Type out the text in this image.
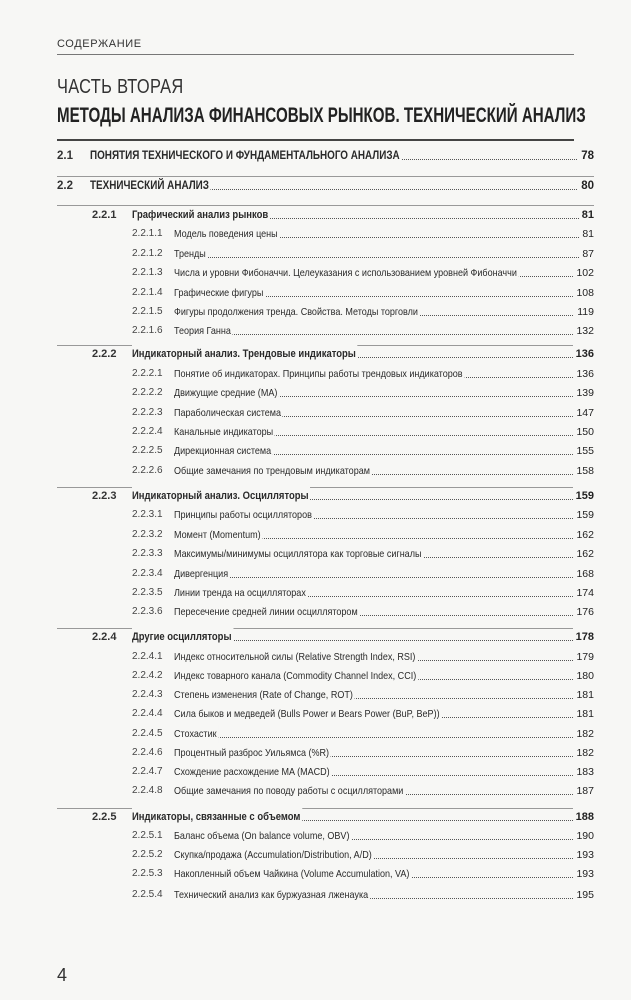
СОДЕРЖАНИЕ
ЧАСТЬ ВТОРАЯ
МЕТОДЫ АНАЛИЗА ФИНАНСОВЫХ РЫНКОВ. ТЕХНИЧЕСКИЙ АНАЛИЗ
2.1 ПОНЯТИЯ ТЕХНИЧЕСКОГО И ФУНДАМЕНТАЛЬНОГО АНАЛИЗА	78
2.2 ТЕХНИЧЕСКИЙ АНАЛИЗ	80
2.2.1 Графический анализ рынков	81
2.2.1.1 Модель поведения цены	81
2.2.1.2 Тренды	87
2.2.1.3 Числа и уровни Фибоначчи. Целеуказания с использованием уровней Фибоначчи	102
2.2.1.4 Графические фигуры	108
2.2.1.5 Фигуры продолжения тренда. Свойства. Методы торговли	119
2.2.1.6 Теория Ганна	132
2.2.2 Индикаторный анализ. Трендовые индикаторы	136
2.2.2.1 Понятие об индикаторах. Принципы работы трендовых индикаторов	136
2.2.2.2 Движущие средние (MA)	139
2.2.2.3 Параболическая система	147
2.2.2.4 Канальные индикаторы	150
2.2.2.5 Дирекционная система	155
2.2.2.6 Общие замечания по трендовым индикаторам	158
2.2.3 Индикаторный анализ. Осцилляторы	159
2.2.3.1 Принципы работы осцилляторов	159
2.2.3.2 Момент (Momentum)	162
2.2.3.3 Максимумы/минимумы осциллятора как торговые сигналы	162
2.2.3.4 Дивергенция	168
2.2.3.5 Линии тренда на осцилляторах	174
2.2.3.6 Пересечение средней линии осциллятором	176
2.2.4 Другие осцилляторы	178
2.2.4.1 Индекс относительной силы (Relative Strength Index, RSI)	179
2.2.4.2 Индекс товарного канала (Commodity Channel Index, CCI)	180
2.2.4.3 Степень изменения (Rate of Change, ROT)	181
2.2.4.4 Сила быков и медведей (Bulls Power и Bears Power (BuP, BeP))	181
2.2.4.5 Стохастик	182
2.2.4.6 Процентный разброс Уильямса (%R)	182
2.2.4.7 Схождение расхождение MA (MACD)	183
2.2.4.8 Общие замечания по поводу работы с осцилляторами	187
2.2.5 Индикаторы, связанные с объемом	188
2.2.5.1 Баланс объема (On balance volume, OBV)	190
2.2.5.2 Скупка/продажа (Accumulation/Distribution, A/D)	193
2.2.5.3 Накопленный объем Чайкина (Volume Accumulation, VA)	193
2.2.5.4 Технический анализ как буржуазная лженаука	195
4
